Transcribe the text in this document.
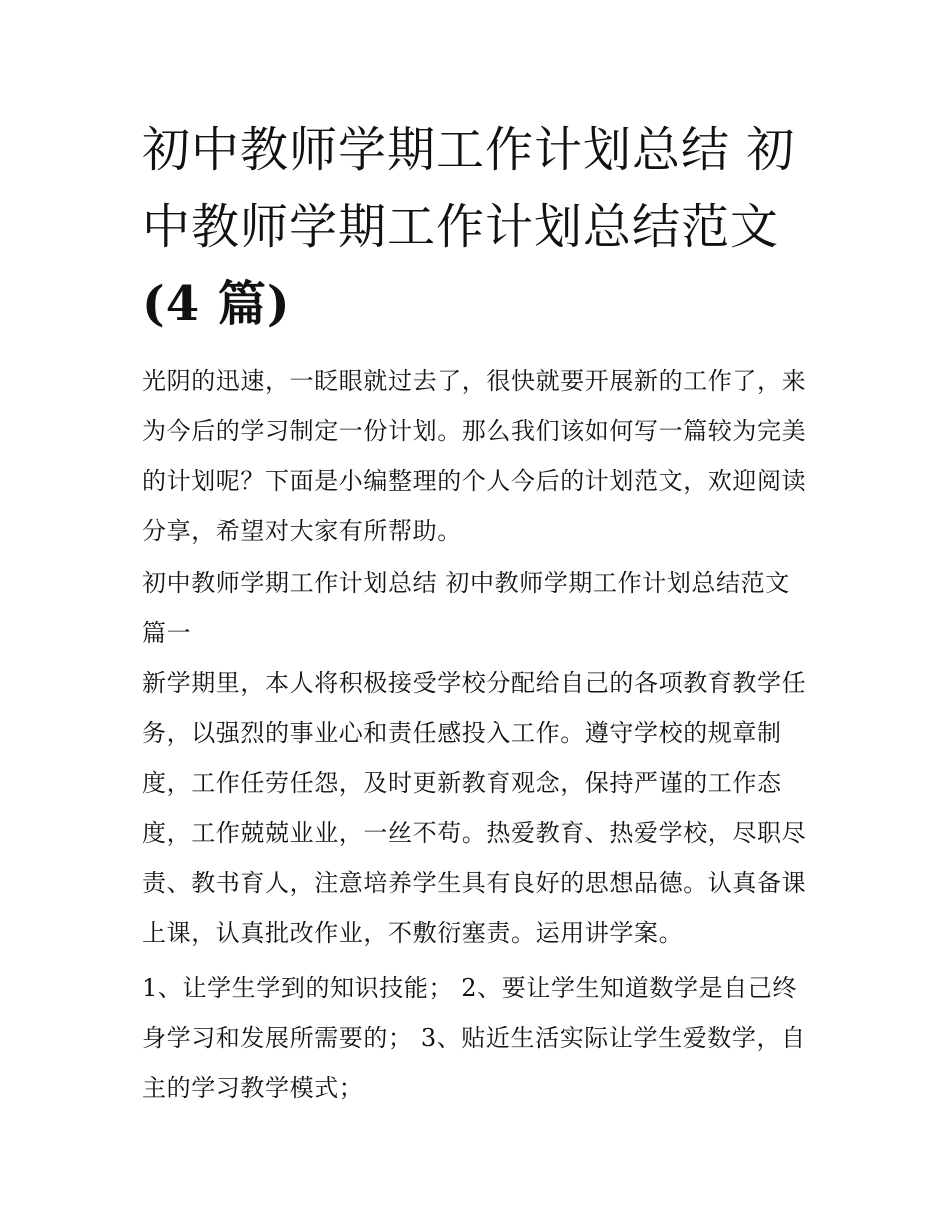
初中教师学期工作计划总结 初
中教师学期工作计划总结范文
(4 篇)
光阴的迅速，一眨眼就过去了，很快就要开展新的工作了，来
为今后的学习制定一份计划。那么我们该如何写一篇较为完美
的计划呢？下面是小编整理的个人今后的计划范文，欢迎阅读
分享，希望对大家有所帮助。
初中教师学期工作计划总结 初中教师学期工作计划总结范文
篇一
新学期里，本人将积极接受学校分配给自己的各项教育教学任
务，以强烈的事业心和责任感投入工作。遵守学校的规章制
度，工作任劳任怨，及时更新教育观念，保持严谨的工作态
度，工作兢兢业业，一丝不苟。热爱教育、热爱学校，尽职尽
责、教书育人，注意培养学生具有良好的思想品德。认真备课
上课，认真批改作业，不敷衍塞责。运用讲学案。
1、让学生学到的知识技能； 2、要让学生知道数学是自己终
身学习和发展所需要的； 3、贴近生活实际让学生爱数学，自
主的学习教学模式；
